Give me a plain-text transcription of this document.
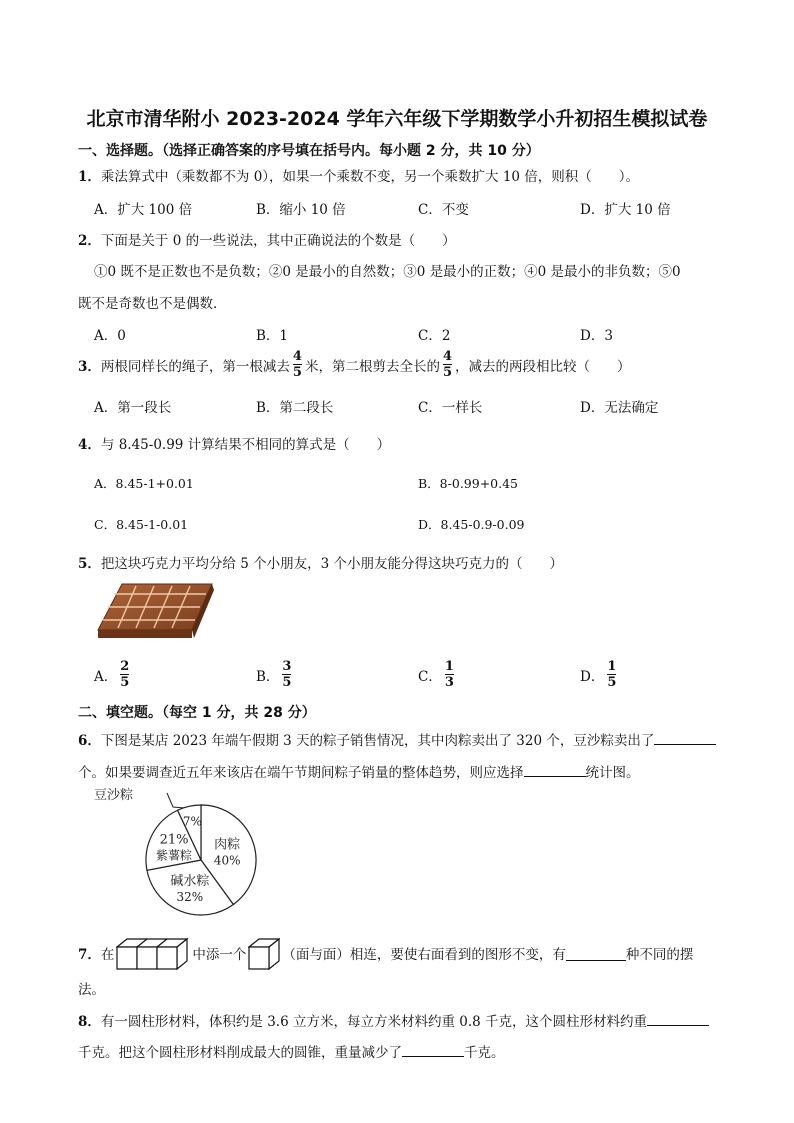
北京市清华附小 2023-2024 学年六年级下学期数学小升初招生模拟试卷
一、选择题。（选择正确答案的序号填在括号内。每小题 2 分，共 10 分）
1．乘法算式中（乘数都不为 0），如果一个乘数不变，另一个乘数扩大 10 倍，则积（　　）。
A．扩大 100 倍	B．缩小 10 倍	C．不变	D．扩大 10 倍
2．下面是关于 0 的一些说法，其中正确说法的个数是（　　）
①0 既不是正数也不是负数；②0 是最小的自然数；③0 是最小的正数；④0 是最小的非负数；⑤0
既不是奇数也不是偶数．
A．0	B．1	C．2	D．3
3． 两根同样长的绳子，第一根减去 $\frac{4}{5}$ 米，第二根剪去全长的 $\frac{4}{5}$ ，减去的两段相比较（　　）
A．第一段长	B．第二段长	C．一样长	D．无法确定
4．与 8.45-0.99 计算结果不相同的算式是（　　）
A．8.45-1+0.01	B．8-0.99+0.45
C．8.45-1-0.01	D．8.45-0.9-0.09
5．把这块巧克力平均分给 5 个小朋友，3 个小朋友能分得这块巧克力的（　　）
A． $\frac{2}{5}$	B． $\frac{3}{5}$	C． $\frac{1}{3}$	D． $\frac{1}{5}$
二、填空题。（每空 1 分，共 28 分）
6．下图是某店 2023 年端午假期 3 天的粽子销售情况，其中肉粽卖出了 320 个，豆沙粽卖出了
个。如果要调查近五年来该店在端午节期间粽子销量的整体趋势，则应选择	统计图。
肉粽
40%
碱水粽
32%
21%
紫薯粽
7%
豆沙粽
7． 在	中添一个	（面与面）相连，要使右面看到的图形不变，有	种不同的摆
法。
8．有一圆柱形材料，体积约是 3.6 立方米，每立方米材料约重 0.8 千克，这个圆柱形材料约重
千克。把这个圆柱形材料削成最大的圆锥，重量减少了	千克。
